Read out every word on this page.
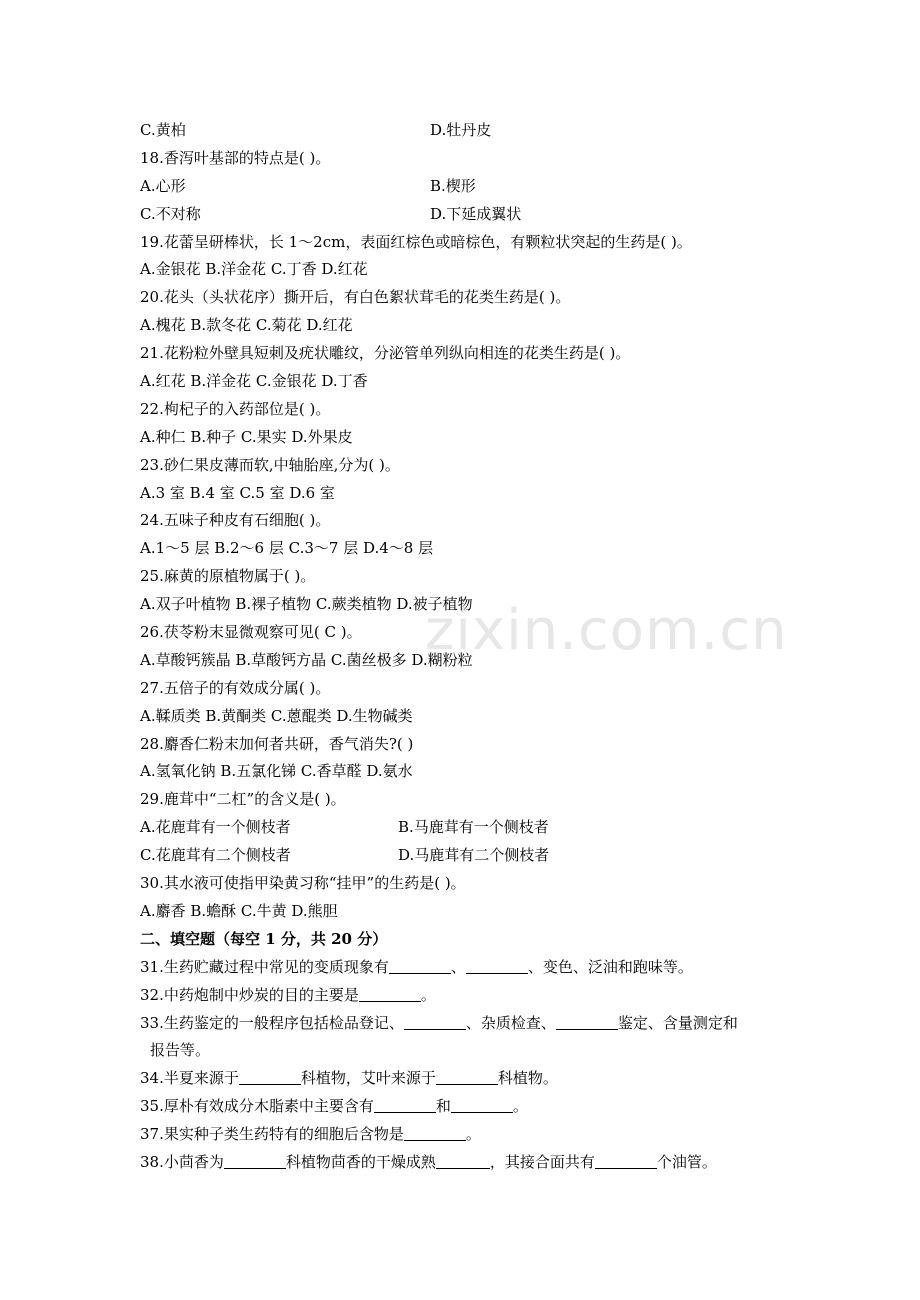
zixin.com.cn
C.黄柏	D.牡丹皮
18.香泻叶基部的特点是( )。
A.心形	B.楔形
C.不对称	D.下延成翼状
19.花蕾呈研棒状，长 1～2cm，表面红棕色或暗棕色，有颗粒状突起的生药是( )。
A.金银花 B.洋金花 C.丁香 D.红花
20.花头（头状花序）撕开后，有白色絮状茸毛的花类生药是( )。
A.槐花 B.款冬花 C.菊花 D.红花
21.花粉粒外壁具短刺及疣状雕纹，分泌管单列纵向相连的花类生药是( )。
A.红花 B.洋金花 C.金银花 D.丁香
22.枸杞子的入药部位是( )。
A.种仁 B.种子 C.果实 D.外果皮
23.砂仁果皮薄而软,中轴胎座,分为( )。
A.3 室 B.4 室 C.5 室 D.6 室
24.五味子种皮有石细胞( )。
A.1～5 层 B.2～6 层 C.3～7 层 D.4～8 层
25.麻黄的原植物属于( )。
A.双子叶植物 B.裸子植物 C.蕨类植物 D.被子植物
26.茯苓粉末显微观察可见( C )。
A.草酸钙簇晶 B.草酸钙方晶 C.菌丝极多 D.糊粉粒
27.五倍子的有效成分属( )。
A.鞣质类 B.黄酮类 C.蒽醌类 D.生物碱类
28.麝香仁粉末加何者共研，香气消失?( )
A.氢氧化钠 B.五氯化锑 C.香草醛 D.氨水
29.鹿茸中“二杠”的含义是( )。
A.花鹿茸有一个侧枝者	B.马鹿茸有一个侧枝者
C.花鹿茸有二个侧枝者	D.马鹿茸有二个侧枝者
30.其水液可使指甲染黄习称“挂甲”的生药是( )。
A.麝香 B.蟾酥 C.牛黄 D.熊胆
二、填空题（每空 1 分，共 20 分）
31.生药贮藏过程中常见的变质现象有	、	、变色、泛油和跑味等。
32.中药炮制中炒炭的目的主要是	。
33.生药鉴定的一般程序包括检品登记、	、杂质检查、	鉴定、含量测定和
报告等。
34.半夏来源于	科植物，艾叶来源于	科植物。
35.厚朴有效成分木脂素中主要含有	和	。
37.果实种子类生药特有的细胞后含物是	。
38.小茴香为	科植物茴香的干燥成熟	，其接合面共有	个油管。
